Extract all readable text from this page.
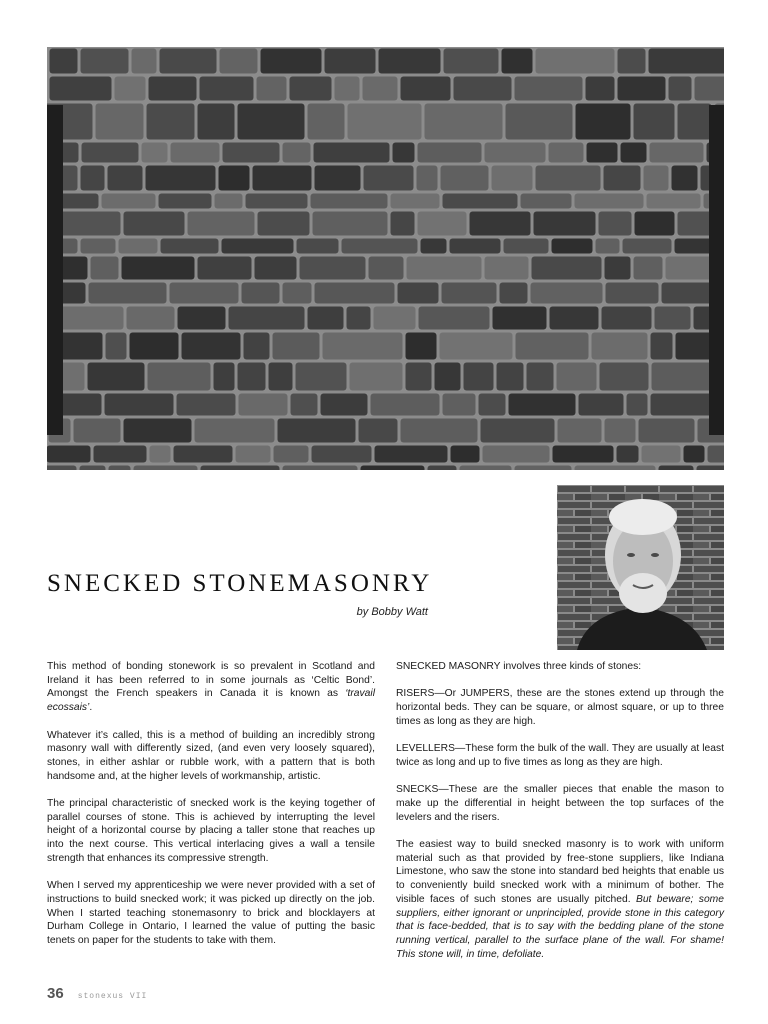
SNECKED STONEMASONRY
by Bobby Watt

This method of bonding stonework is so prevalent in Scotland and Ireland it has been referred to in some journals as ‘Celtic Bond’. Amongst the French speakers in Canada it is known as ‘travail ecossais’.

Whatever it’s called, this is a method of building an incredibly strong masonry wall with differently sized, (and even very loosely squared), stones, in either ashlar or rubble work, with a pattern that is both handsome and, at the higher levels of workmanship, artistic.

The principal characteristic of snecked work is the keying together of parallel courses of stone. This is achieved by interrupting the level height of a horizontal course by placing a taller stone that reaches up into the next course. This vertical interlacing gives a wall a tensile strength that enhances its compressive strength.

When I served my apprenticeship we were never provided with a set of instructions to build snecked work; it was picked up directly on the job. When I started teaching stonemasonry to brick and blocklayers at Durham College in Ontario, I learned the value of putting the basic tenets on paper for the students to take with them.

SNECKED MASONRY involves three kinds of stones:

RISERS—Or JUMPERS, these are the stones extend up through the horizontal beds. They can be square, or almost square, or up to three times as long as they are high.

LEVELLERS—These form the bulk of the wall. They are usually at least twice as long and up to five times as long as they are high.

SNECKS—These are the smaller pieces that enable the mason to make up the differential in height between the top surfaces of the levelers and the risers.

The easiest way to build snecked masonry is to work with uniform material such as that provided by free-stone suppliers, like Indiana Limestone, who saw the stone into standard bed heights that enable us to conveniently build snecked work with a minimum of bother. The visible faces of such stones are usually pitched. But beware; some suppliers, either ignorant or unprincipled, provide stone in this category that is face-bedded, that is to say with the bedding plane of the stone running vertical, parallel to the surface plane of the wall. For shame! This stone will, in time, defoliate.

36 stonexus VII
